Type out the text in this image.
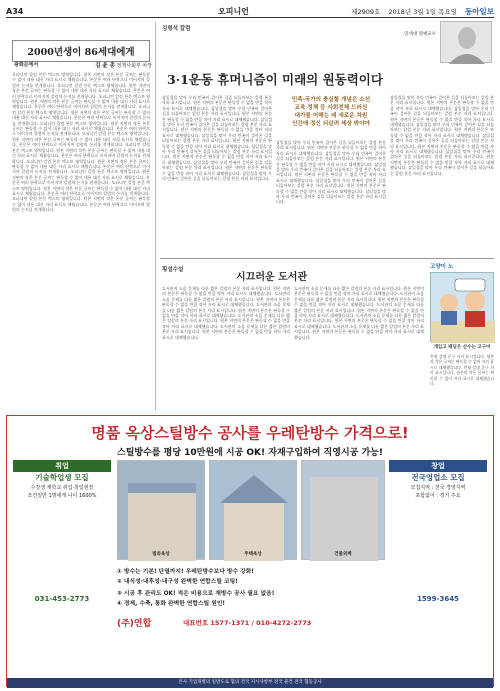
A34	오피니언	제2909호 2018년 3월 1일 목요일 동아일보
2000년생이 86세대에게
광화문에서	김 윤 종 정책사회부 차장
오피니언 칼럼 본문 텍스트 영역입니다. 원본 지면의 작은 본문 글씨는 판독할 수 없어 내용 대신 자리 표시로 채웠습니다. 본문은 여러 단락으로 이어지며 칼럼의 논지를 전개합니다. 오피니언 칼럼 본문 텍스트 영역입니다. 원본 지면의 작은 본문 글씨는 판독할 수 없어 내용 대신 자리 표시로 채웠습니다. 본문은 여러 단락으로 이어지며 칼럼의 논지를 전개합니다. 오피니언 칼럼 본문 텍스트 영역입니다. 원본 지면의 작은 본문 글씨는 판독할 수 없어 내용 대신 자리 표시로 채웠습니다. 본문은 여러 단락으로 이어지며 칼럼의 논지를 전개합니다. 오피니언 칼럼 본문 텍스트 영역입니다. 원본 지면의 작은 본문 글씨는 판독할 수 없어 내용 대신 자리 표시로 채웠습니다. 본문은 여러 단락으로 이어지며 칼럼의 논지를 전개합니다. 오피니언 칼럼 본문 텍스트 영역입니다. 원본 지면의 작은 본문 글씨는 판독할 수 없어 내용 대신 자리 표시로 채웠습니다. 본문은 여러 단락으로 이어지며 칼럼의 논지를 전개합니다. 오피니언 칼럼 본문 텍스트 영역입니다. 원본 지면의 작은 본문 글씨는 판독할 수 없어 내용 대신 자리 표시로 채웠습니다. 본문은 여러 단락으로 이어지며 칼럼의 논지를 전개합니다. 오피니언 칼럼 본문 텍스트 영역입니다. 원본 지면의 작은 본문 글씨는 판독할 수 없어 내용 대신 자리 표시로 채웠습니다. 본문은 여러 단락으로 이어지며 칼럼의 논지를 전개합니다. 오피니언 칼럼 본문 텍스트 영역입니다. 원본 지면의 작은 본문 글씨는 판독할 수 없어 내용 대신 자리 표시로 채웠습니다. 본문은 여러 단락으로 이어지며 칼럼의 논지를 전개합니다. 오피니언 칼럼 본문 텍스트 영역입니다. 원본 지면의 작은 본문 글씨는 판독할 수 없어 내용 대신 자리 표시로 채웠습니다. 본문은 여러 단락으로 이어지며 칼럼의 논지를 전개합니다. 오피니언 칼럼 본문 텍스트 영역입니다. 원본 지면의 작은 본문 글씨는 판독할 수 없어 내용 대신 자리 표시로 채웠습니다. 본문은 여러 단락으로 이어지며 칼럼의 논지를 전개합니다. 오피니언 칼럼 본문 텍스트 영역입니다. 원본 지면의 작은 본문 글씨는 판독할 수 없어 내용 대신 자리 표시로 채웠습니다. 본문은 여러 단락으로 이어지며 칼럼의 논지를 전개합니다.
김형석 칼럼
연세대 명예교수
3·1운동 휴머니즘이 미래의 원동력이다
삼일절을 맞아 우리 민족이 걸어온 길을 되돌아보는 칼럼 본문 자리 표시입니다. 원본 지면의 본문은 판독할 수 없을 만큼 작아 자리 표시로 대체했습니다. 삼일절을 맞아 우리 민족이 걸어온 길을 되돌아보는 칼럼 본문 자리 표시입니다. 원본 지면의 본문은 판독할 수 없을 만큼 작아 자리 표시로 대체했습니다. 삼일절을 맞아 우리 민족이 걸어온 길을 되돌아보는 칼럼 본문 자리 표시입니다. 원본 지면의 본문은 판독할 수 없을 만큼 작아 자리 표시로 대체했습니다. 삼일절을 맞아 우리 민족이 걸어온 길을 되돌아보는 칼럼 본문 자리 표시입니다. 원본 지면의 본문은 판독할 수 없을 만큼 작아 자리 표시로 대체했습니다. 삼일절을 맞아 우리 민족이 걸어온 길을 되돌아보는 칼럼 본문 자리 표시입니다. 원본 지면의 본문은 판독할 수 없을 만큼 작아 자리 표시로 대체했습니다. 삼일절을 맞아 우리 민족이 걸어온 길을 되돌아보는 칼럼 본문 자리 표시입니다. 원본 지면의 본문은 판독할 수 없을 만큼 작아 자리 표시로 대체했습니다. 삼일절을 맞아 우리 민족이 걸어온 길을 되돌아보는 칼럼 본문 자리 표시입니다.
민족·국가의 충실할 개념은 소선
교육 정책 등 사회전체 드러선
대가를 어해는 데 새로운 차원
인간애 정신 되살려 세상 봐야야
삼일절을 맞아 우리 민족이 걸어온 길을 되돌아보는 칼럼 본문 자리 표시입니다. 원본 지면의 본문은 판독할 수 없을 만큼 작아 자리 표시로 대체했습니다. 삼일절을 맞아 우리 민족이 걸어온 길을 되돌아보는 칼럼 본문 자리 표시입니다. 원본 지면의 본문은 판독할 수 없을 만큼 작아 자리 표시로 대체했습니다. 삼일절을 맞아 우리 민족이 걸어온 길을 되돌아보는 칼럼 본문 자리 표시입니다. 원본 지면의 본문은 판독할 수 없을 만큼 작아 자리 표시로 대체했습니다. 삼일절을 맞아 우리 민족이 걸어온 길을 되돌아보는 칼럼 본문 자리 표시입니다. 원본 지면의 본문은 판독할 수 없을 만큼 작아 자리 표시로 대체했습니다. 삼일절을 맞아 우리 민족이 걸어온 길을 되돌아보는 칼럼 본문 자리 표시입니다.
삼일절을 맞아 우리 민족이 걸어온 길을 되돌아보는 칼럼 본문 자리 표시입니다. 원본 지면의 본문은 판독할 수 없을 만큼 작아 자리 표시로 대체했습니다. 삼일절을 맞아 우리 민족이 걸어온 길을 되돌아보는 칼럼 본문 자리 표시입니다. 원본 지면의 본문은 판독할 수 없을 만큼 작아 자리 표시로 대체했습니다. 삼일절을 맞아 우리 민족이 걸어온 길을 되돌아보는 칼럼 본문 자리 표시입니다. 원본 지면의 본문은 판독할 수 없을 만큼 작아 자리 표시로 대체했습니다. 삼일절을 맞아 우리 민족이 걸어온 길을 되돌아보는 칼럼 본문 자리 표시입니다. 원본 지면의 본문은 판독할 수 없을 만큼 작아 자리 표시로 대체했습니다. 삼일절을 맞아 우리 민족이 걸어온 길을 되돌아보는 칼럼 본문 자리 표시입니다. 원본 지면의 본문은 판독할 수 없을 만큼 작아 자리 표시로 대체했습니다. 삼일절을 맞아 우리 민족이 걸어온 길을 되돌아보는 칼럼 본문 자리 표시입니다.
횡설수설
시끄러운 도서관
도서관의 소음 문제를 다룬 짧은 칼럼의 본문 자리 표시입니다. 원본 지면의 본문은 판독할 수 없을 만큼 작아 자리 표시로 대체했습니다. 도서관의 소음 문제를 다룬 짧은 칼럼의 본문 자리 표시입니다. 원본 지면의 본문은 판독할 수 없을 만큼 작아 자리 표시로 대체했습니다. 도서관의 소음 문제를 다룬 짧은 칼럼의 본문 자리 표시입니다. 원본 지면의 본문은 판독할 수 없을 만큼 작아 자리 표시로 대체했습니다. 도서관의 소음 문제를 다룬 짧은 칼럼의 본문 자리 표시입니다. 원본 지면의 본문은 판독할 수 없을 만큼 작아 자리 표시로 대체했습니다. 도서관의 소음 문제를 다룬 짧은 칼럼의 본문 자리 표시입니다. 원본 지면의 본문은 판독할 수 없을 만큼 작아 자리 표시로 대체했습니다.
도서관의 소음 문제를 다룬 짧은 칼럼의 본문 자리 표시입니다. 원본 지면의 본문은 판독할 수 없을 만큼 작아 자리 표시로 대체했습니다. 도서관의 소음 문제를 다룬 짧은 칼럼의 본문 자리 표시입니다. 원본 지면의 본문은 판독할 수 없을 만큼 작아 자리 표시로 대체했습니다. 도서관의 소음 문제를 다룬 짧은 칼럼의 본문 자리 표시입니다. 원본 지면의 본문은 판독할 수 없을 만큼 작아 자리 표시로 대체했습니다. 도서관의 소음 문제를 다룬 짧은 칼럼의 본문 자리 표시입니다. 원본 지면의 본문은 판독할 수 없을 만큼 작아 자리 표시로 대체했습니다. 도서관의 소음 문제를 다룬 짧은 칼럼의 본문 자리 표시입니다. 원본 지면의 본문은 판독할 수 없을 만큼 작아 자리 표시로 대체했습니다.
고양이 노
개입고 패딩은 산수는 고구마
만평 설명 문구 자리 표시입니다. 원본의 작은 글씨는 판독할 수 없어 자리 표시로 대체했습니다. 만평 설명 문구 자리 표시입니다. 원본의 작은 글씨는 판독할 수 없어 자리 표시로 대체했습니다.
명품 옥상스틸방수 공사를 우레탄방수 가격으로!
스틸방수를 평당 10만원에 시공 OK! 자재구입하여 직영시공 가능!
취업
기술학업생 모집
수강생 재학교 취업·창업현장
조건일반 1명에게 나이 1600%
031-453-2773
창업
전국영업소 모집
모집지역 : 전국 경영지역
포함없어 : 경기 주요
1599-3645
빌라옥상	주택옥상	건물외벽
① 방수는 기본! 단열까지! 우레탄방수보다 방수 강화!
② 내식성·내후성·내구성 완벽한 연합스틸 코팅!
③ 시공 후 관리도 OK! 적은 비용으로 재방수 공사 필요 없음!
④ 경제, 수축, 통화 완벽한 연합스틸 원인!
(주)연합	대표번호 1577-1371 / 010-4272-2773
본사 기업개별의 일반도로 협의 전국 지시사항부 전국 물건 전국 협동공사
